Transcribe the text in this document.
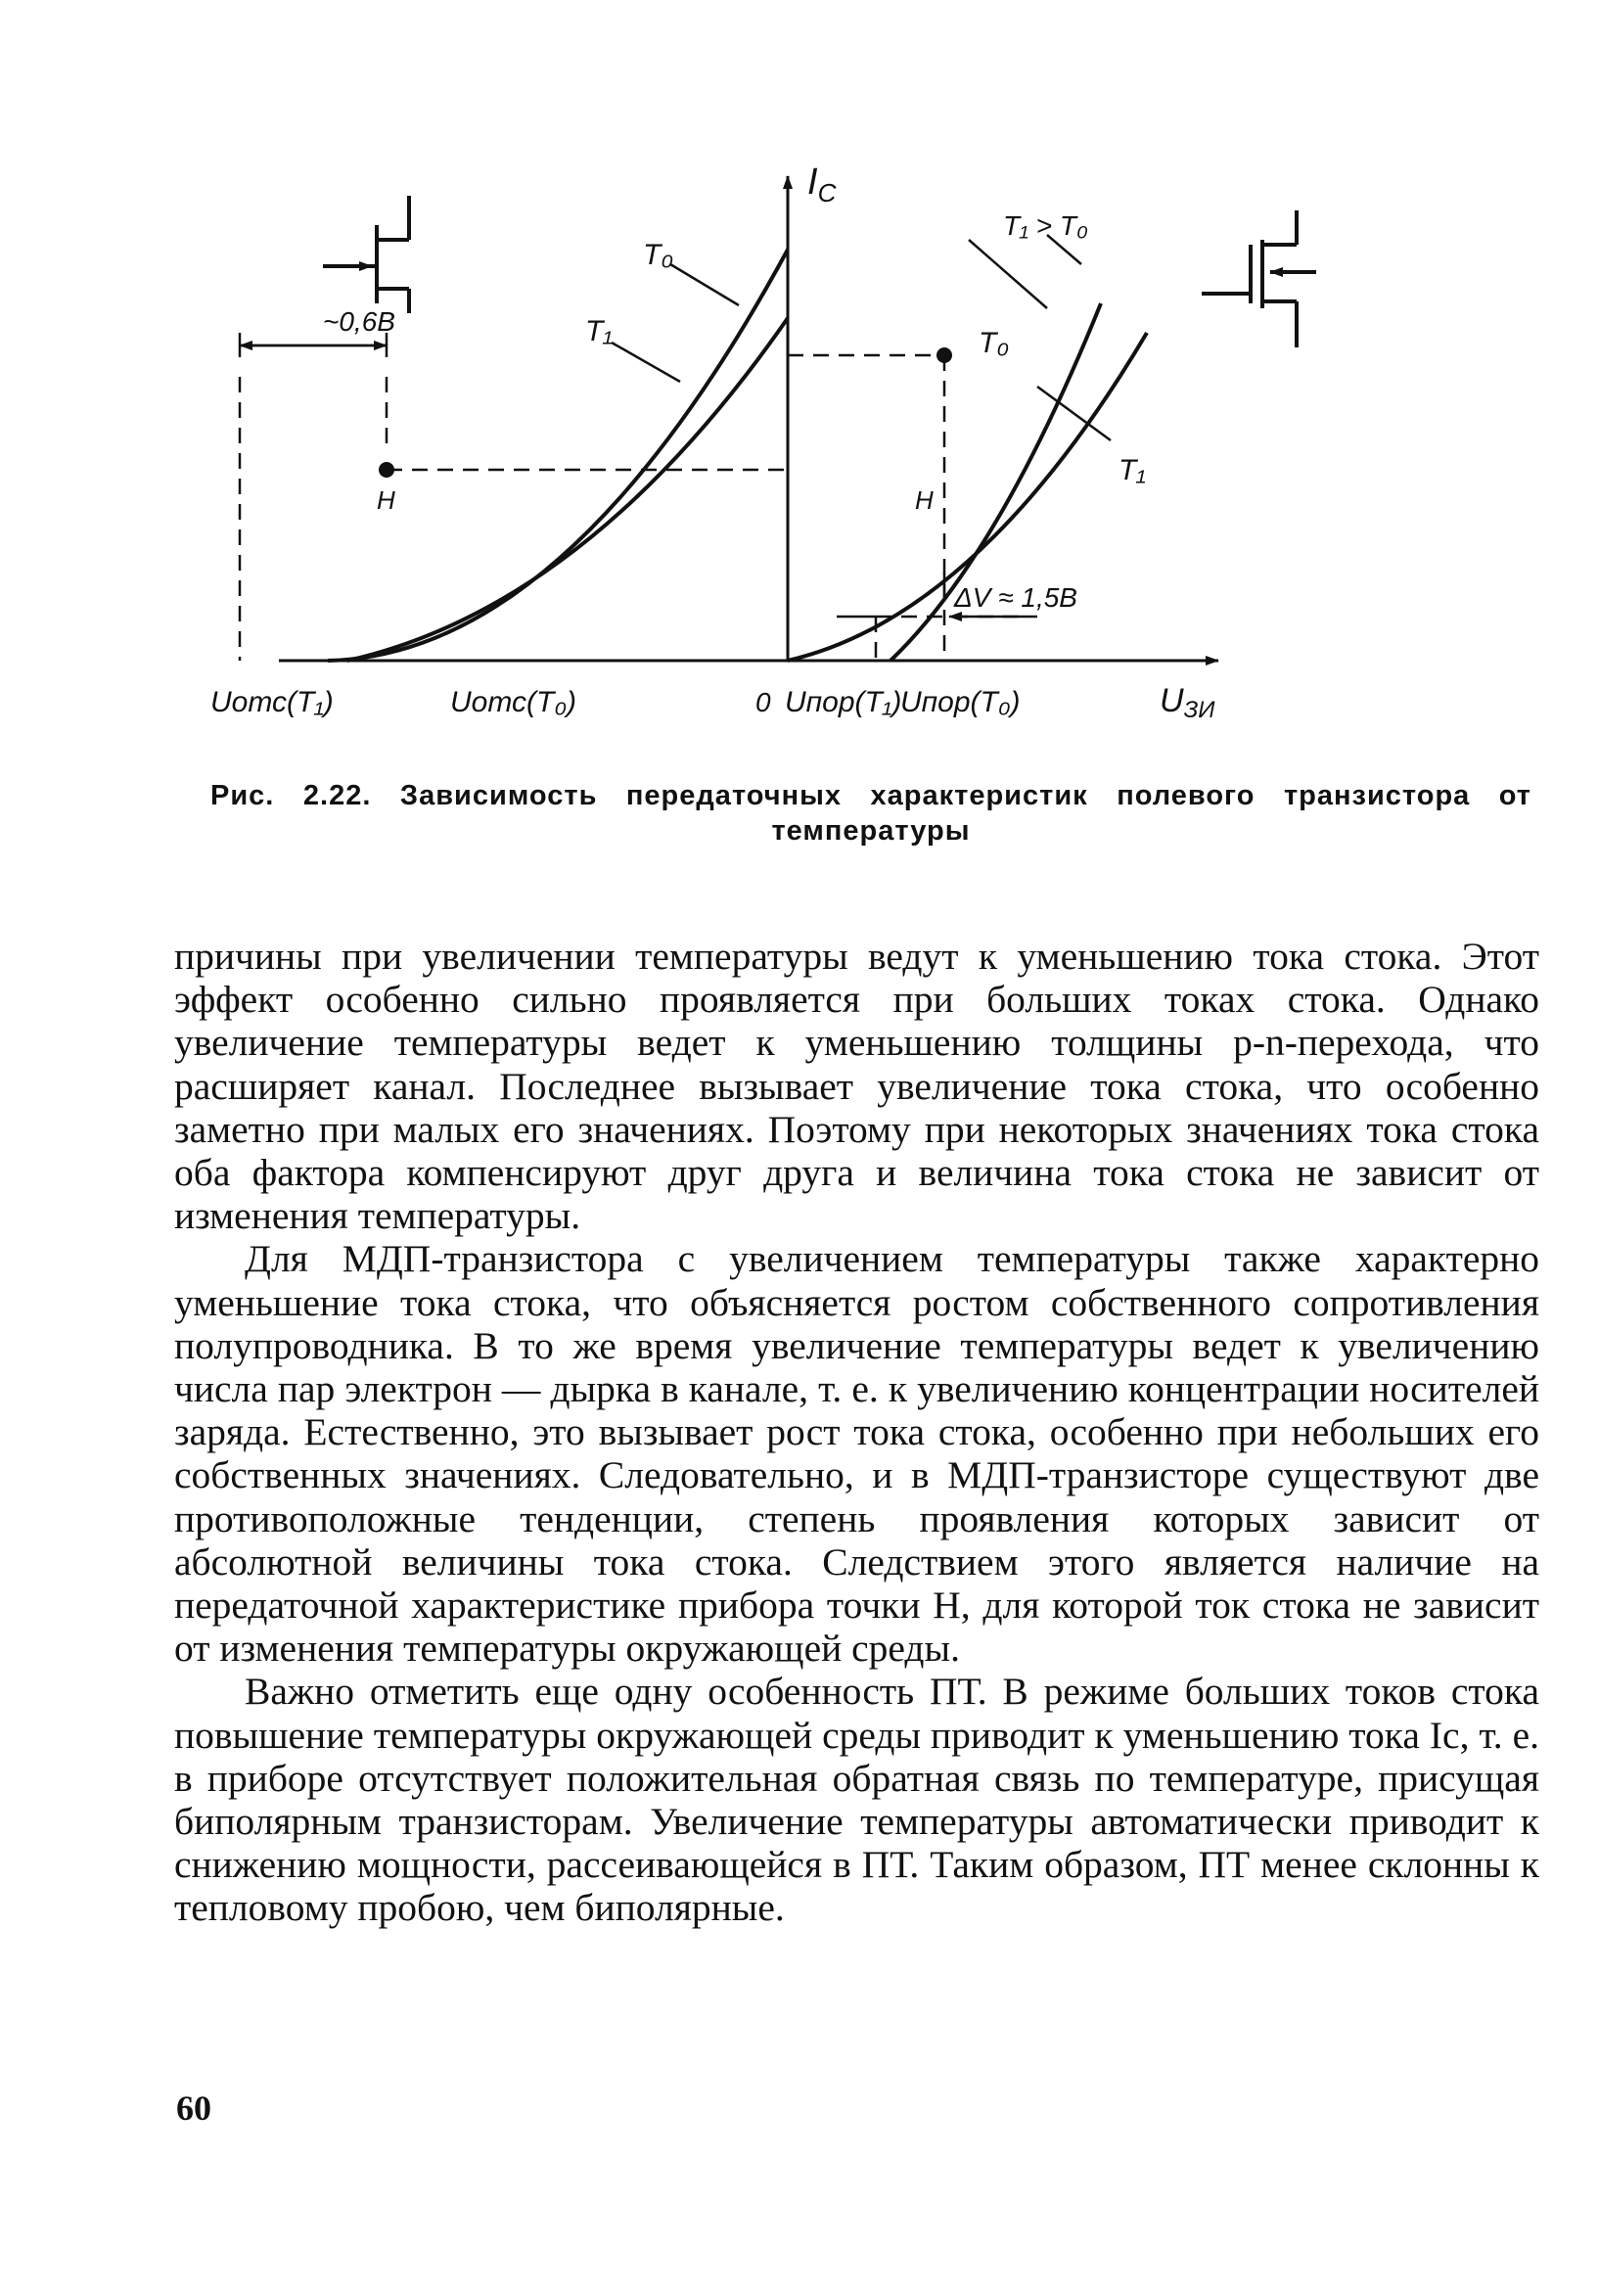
$I_С$
UЗИ
T₀
T₁
T₁ > T₀
T₀
T₁
H	H
~0,6В
ΔV ≈ 1,5В
0
Uотс(T₁)	Uотс(T₀)	Uпор(T₁)
Uпор(T₀)
Рис. 2.22. Зависимость передаточных характеристик полевого транзистора от
температуры

причины при увеличении температуры ведут к уменьшению тока стока. Этот эффект особенно сильно проявляется при больших токах стока. Однако увеличение температуры ведет к уменьшению толщины p-n-перехода, что расширяет канал. Последнее вызывает увеличение тока стока, что особенно заметно при малых его значениях. Поэтому при некоторых значениях тока стока оба фактора компенсируют друг друга и величина тока стока не зависит от изменения температуры.

Для МДП-транзистора с увеличением температуры также характерно уменьшение тока стока, что объясняется ростом собственного сопротивления полупроводника. В то же время увеличение температуры ведет к увеличению числа пар электрон — дырка в канале, т. е. к увеличению концентрации носителей заряда. Естественно, это вызывает рост тока стока, особенно при небольших его собственных значениях. Следовательно, и в МДП-транзисторе существуют две противоположные тенденции, степень проявления которых зависит от абсолютной величины тока стока. Следствием этого является наличие на передаточной характеристике прибора точки H, для которой ток стока не зависит от изменения температуры окружающей среды.

Важно отметить еще одну особенность ПТ. В режиме больших токов стока повышение температуры окружающей среды приводит к уменьшению тока Iс, т. е. в приборе отсутствует положительная обратная связь по температуре, присущая биполярным транзисторам. Увеличение температуры автоматически приводит к снижению мощности, рассеивающейся в ПТ. Таким образом, ПТ менее склонны к тепловому пробою, чем биполярные.

60
